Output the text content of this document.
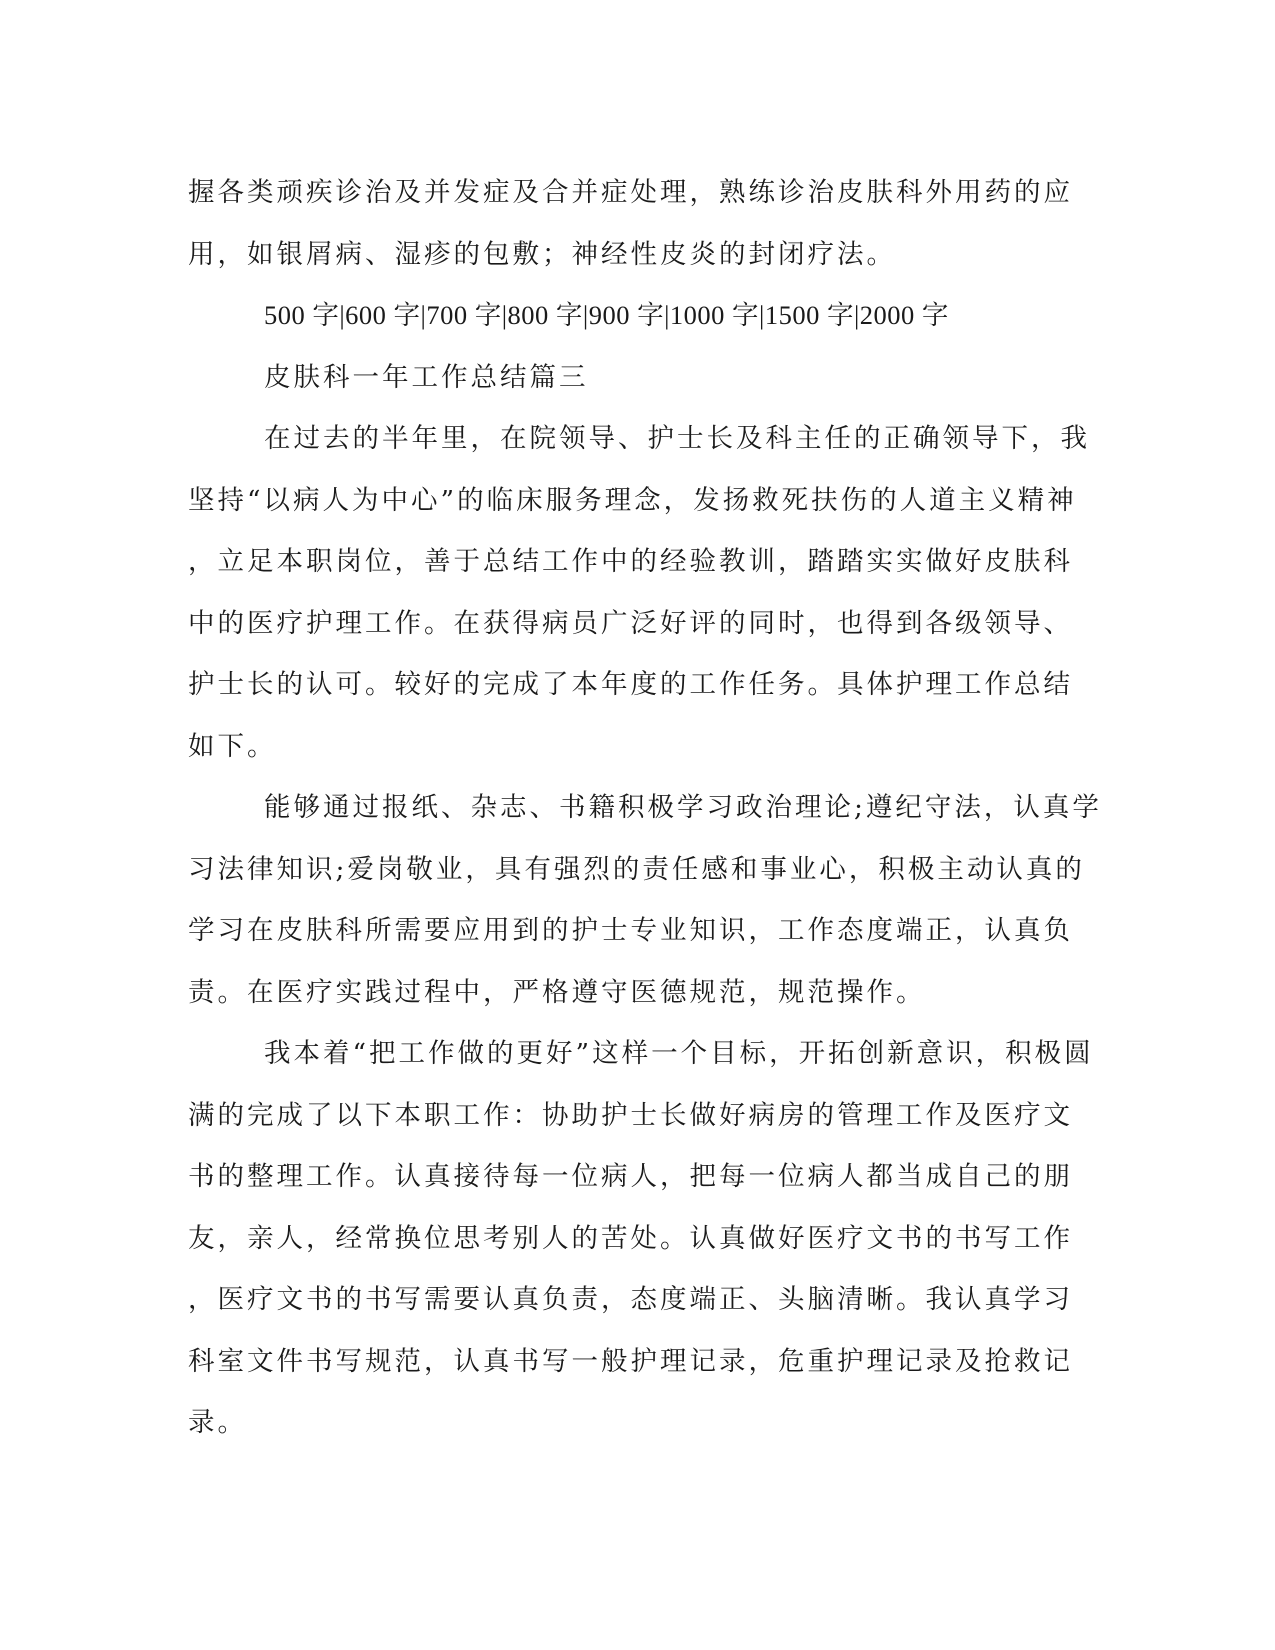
握各类顽疾诊治及并发症及合并症处理，熟练诊治皮肤科外用药的应
用，如银屑病、湿疹的包敷；神经性皮炎的封闭疗法。
500 字|600 字|700 字|800 字|900 字|1000 字|1500 字|2000 字
皮肤科一年工作总结篇三
在过去的半年里，在院领导、护士长及科主任的正确领导下，我
坚持“以病人为中心”的临床服务理念，发扬救死扶伤的人道主义精神
，立足本职岗位，善于总结工作中的经验教训，踏踏实实做好皮肤科
中的医疗护理工作。在获得病员广泛好评的同时，也得到各级领导、
护士长的认可。较好的完成了本年度的工作任务。具体护理工作总结
如下。
能够通过报纸、杂志、书籍积极学习政治理论;遵纪守法，认真学
习法律知识;爱岗敬业，具有强烈的责任感和事业心，积极主动认真的
学习在皮肤科所需要应用到的护士专业知识，工作态度端正，认真负
责。在医疗实践过程中，严格遵守医德规范，规范操作。
我本着“把工作做的更好”这样一个目标，开拓创新意识，积极圆
满的完成了以下本职工作：协助护士长做好病房的管理工作及医疗文
书的整理工作。认真接待每一位病人，把每一位病人都当成自己的朋
友，亲人，经常换位思考别人的苦处。认真做好医疗文书的书写工作
，医疗文书的书写需要认真负责，态度端正、头脑清晰。我认真学习
科室文件书写规范，认真书写一般护理记录，危重护理记录及抢救记
录。
